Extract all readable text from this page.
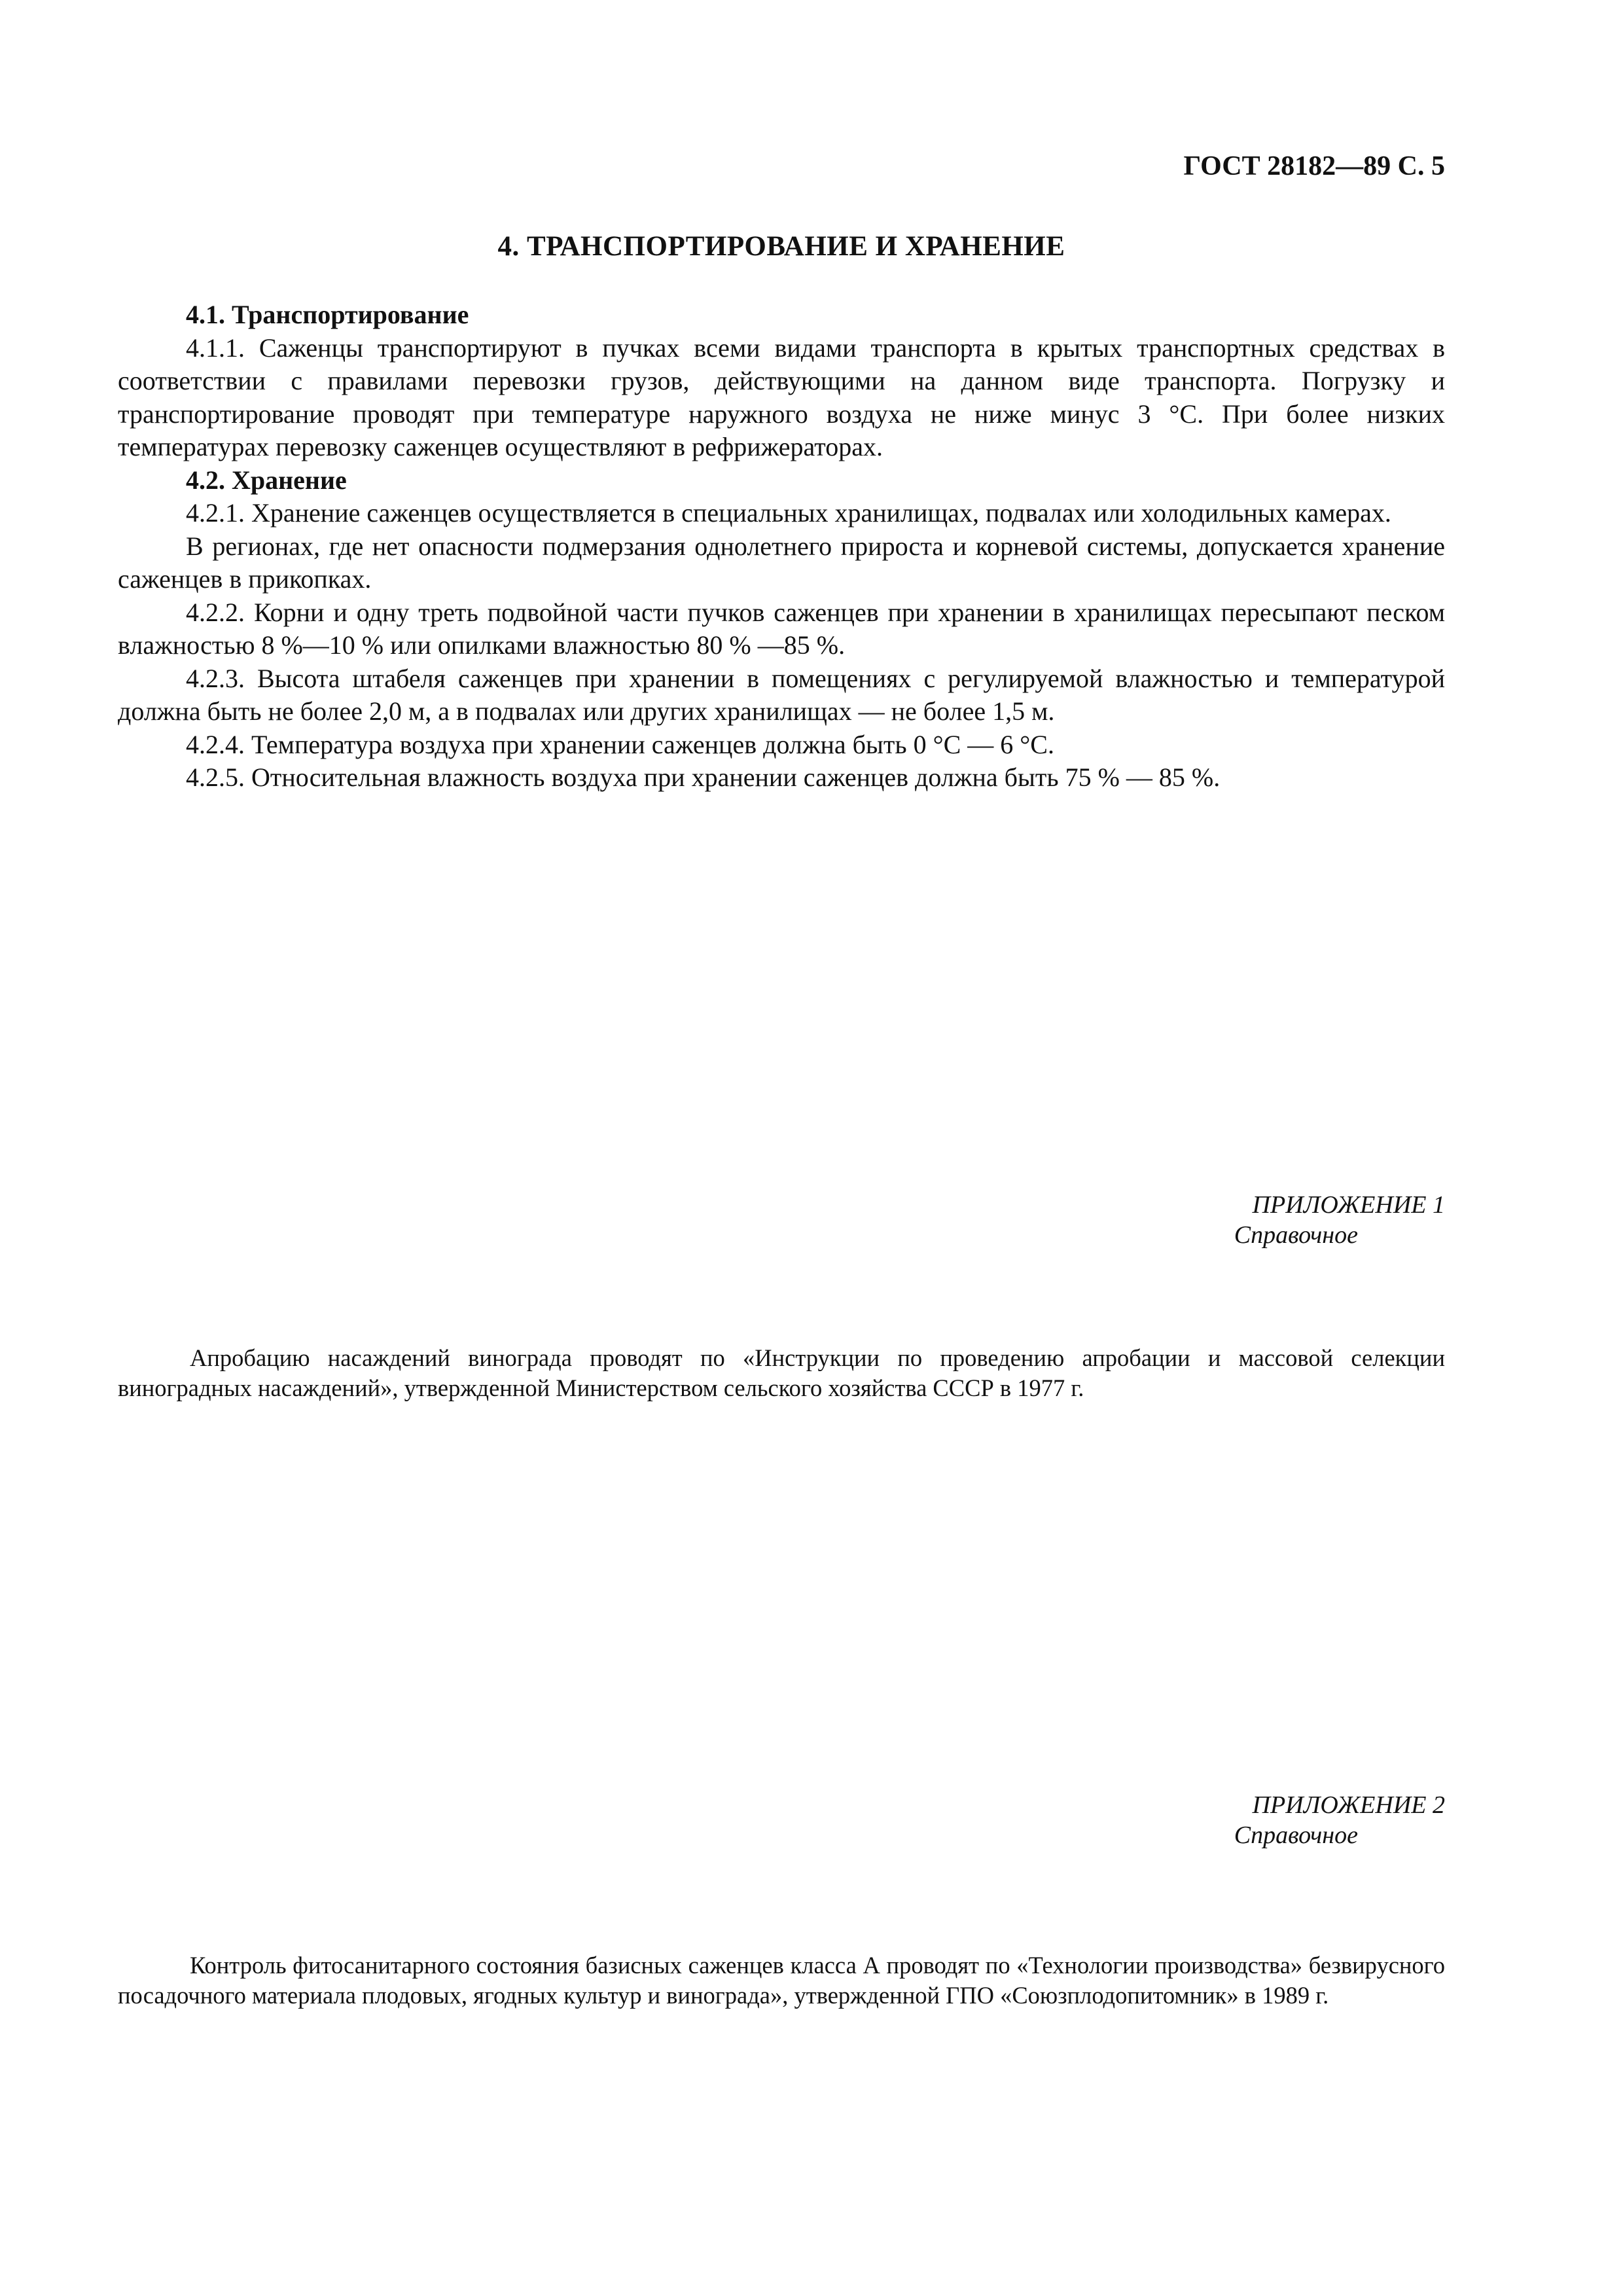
ГОСТ 28182—89 С. 5
4. ТРАНСПОРТИРОВАНИЕ И ХРАНЕНИЕ

4.1. Транспортирование

4.1.1. Саженцы транспортируют в пучках всеми видами транспорта в крытых транспортных средствах в соответствии с правилами перевозки грузов, действующими на данном виде транспорта. Погрузку и транспортирование проводят при температуре наружного воздуха не ниже минус 3 °С. При более низких температурах перевозку саженцев осуществляют в рефрижераторах.

4.2. Хранение

4.2.1. Хранение саженцев осуществляется в специальных хранилищах, подвалах или холодильных камерах.

В регионах, где нет опасности подмерзания однолетнего прироста и корневой системы, допускается хранение саженцев в прикопках.

4.2.2. Корни и одну треть подвойной части пучков саженцев при хранении в хранилищах пересыпают песком влажностью 8 %—10 % или опилками влажностью 80 % —85 %.

4.2.3. Высота штабеля саженцев при хранении в помещениях с регулируемой влажностью и температурой должна быть не более 2,0 м, а в подвалах или других хранилищах — не более 1,5 м.

4.2.4. Температура воздуха при хранении саженцев должна быть 0 °С — 6 °С.

4.2.5. Относительная влажность воздуха при хранении саженцев должна быть 75 % — 85 %.

ПРИЛОЖЕНИЕ 1
Справочное

Апробацию насаждений винограда проводят по «Инструкции по проведению апробации и массовой селекции виноградных насаждений», утвержденной Министерством сельского хозяйства СССР в 1977 г.

ПРИЛОЖЕНИЕ 2
Справочное

Контроль фитосанитарного состояния базисных саженцев класса А проводят по «Технологии производства» безвирусного посадочного материала плодовых, ягодных культур и винограда», утвержденной ГПО «Союзплодопитомник» в 1989 г.
